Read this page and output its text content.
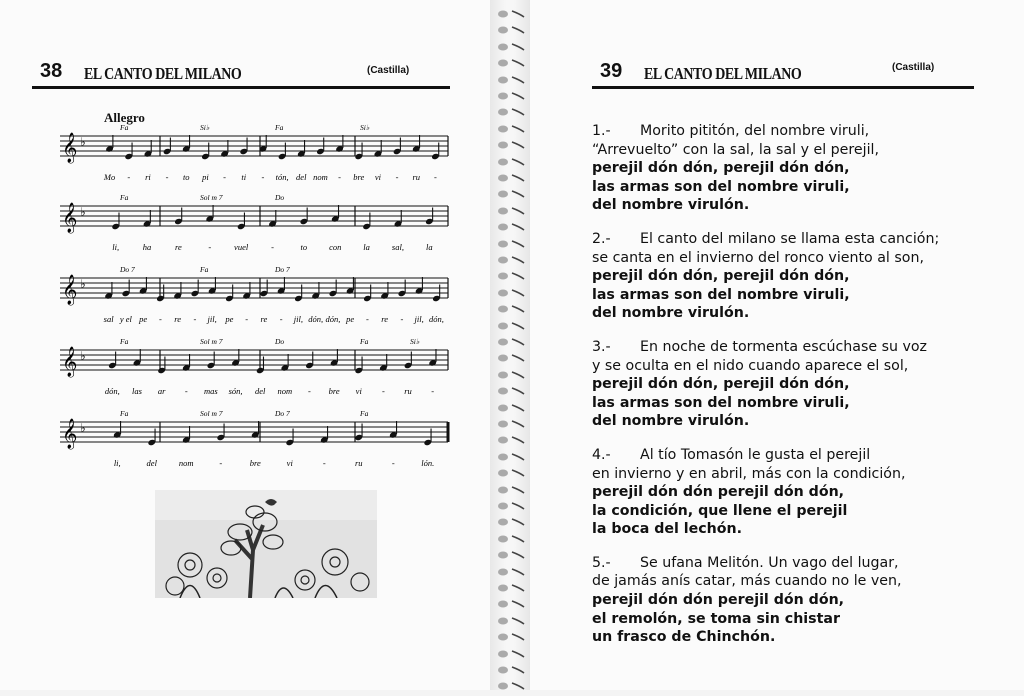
38 EL CANTO DEL MILANO	(Castilla)
Allegro
𝄞 ♭
Mo - ri - to pi - ti - tón, del nom - bre vi - ru -
Fa	Si♭	Fa	Si♭
𝄞 ♭
li,	ha	re	-	vuel	-	to	con	la	sal,	la
Fa	Sol m 7	Do
𝄞 ♭
sal y el pe - re - jil, pe - re - jil, dón, dón, pe - re - jil, dón,
Do 7	Fa	Do 7
𝄞 ♭
dón, las ar - mas són, del nom - bre vi - ru -
Fa	Sol m 7	Do	Fa	Si♭
𝄞 ♭
li,	del	nom	-	bre	vi	-	ru	-	lón.
Fa	Sol m 7	Do 7	Fa
39 EL CANTO DEL MILANO	(Castilla)
1.- Morito pititón, del nombre viruli,
“Arrevuelto” con la sal, la sal y el perejil,
perejil dón dón, perejil dón dón,
las armas son del nombre viruli,
del nombre virulón.
2.- El canto del milano se llama esta canción;
se canta en el invierno del ronco viento al son,
perejil dón dón, perejil dón dón,
las armas son del nombre viruli,
del nombre virulón.
3.- En noche de tormenta escúchase su voz
y se oculta en el nido cuando aparece el sol,
perejil dón dón, perejil dón dón,
las armas son del nombre viruli,
del nombre virulón.
4.- Al tío Tomasón le gusta el perejil
en invierno y en abril, más con la condición,
perejil dón dón perejil dón dón,
la condición, que llene el perejil
la boca del lechón.
5.- Se ufana Melitón. Un vago del lugar,
de jamás anís catar, más cuando no le ven,
perejil dón dón perejil dón dón,
el remolón, se toma sin chistar
un frasco de Chinchón.
